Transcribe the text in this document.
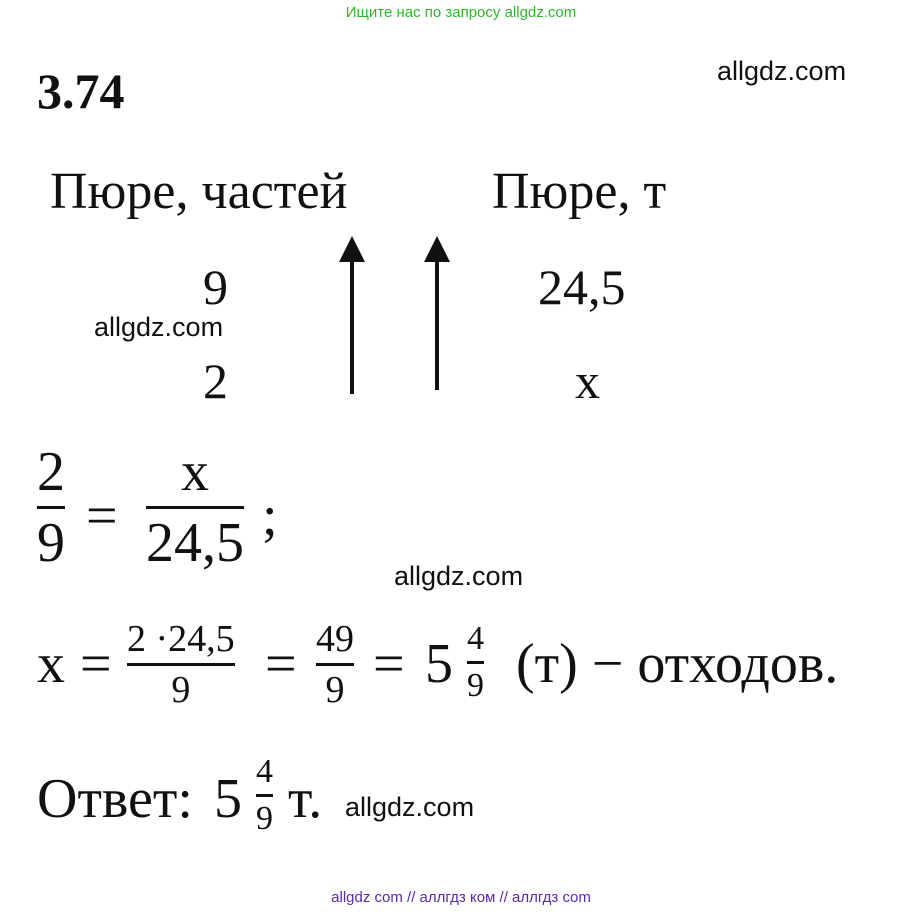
Ищите нас по запросу allgdz.com
allgdz.com
3.74
Пюре, частей	Пюре, т
9
2
24,5
x
allgdz.com
2
9 =
x
24,5 ;
allgdz.com
x = 2 ·24,5
9 = 49
9 = 5 4
9 (т) − отходов.
Ответ: 5 4
9 т. allgdz.com
allgdz com // аллгдз ком // аллгдз com
